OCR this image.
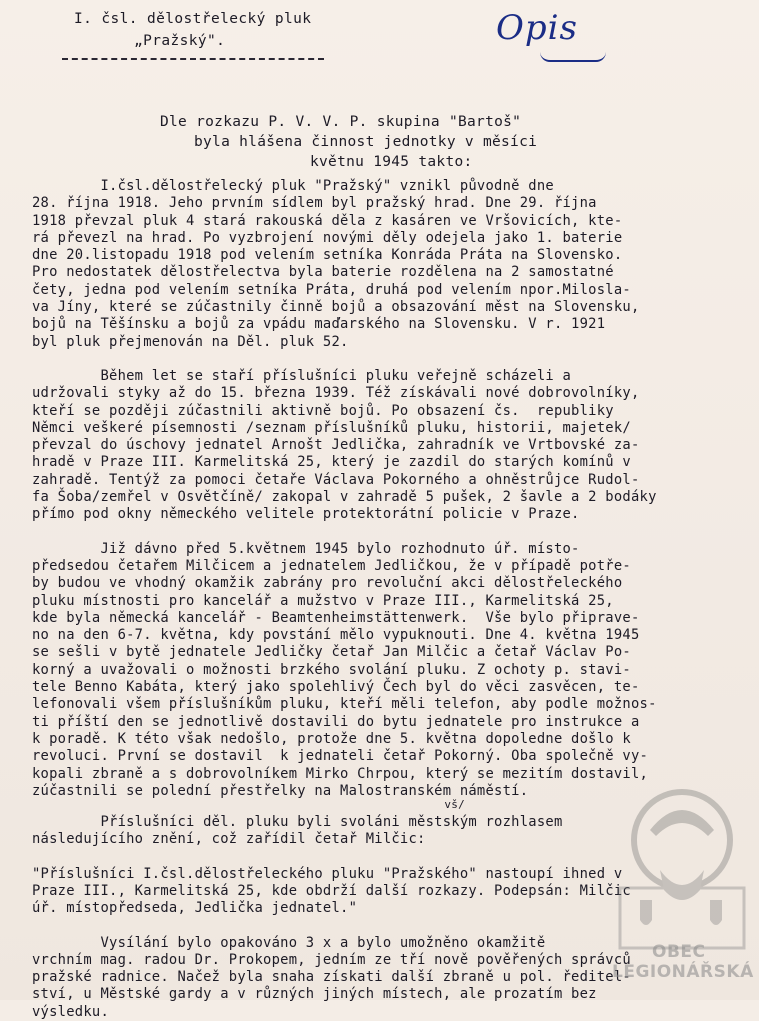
I. čsl. dělostřelecký pluk
„Pražský".	Opis
Dle rozkazu P. V. V. P. skupina "Bartoš"
byla hlášena činnost jednotky v měsíci
květnu 1945 takto:
I.čsl.dělostřelecký pluk "Pražský" vznikl původně dne
28. října 1918. Jeho prvním sídlem byl pražský hrad. Dne 29. října
1918 převzal pluk 4 stará rakouská děla z kasáren ve Vršovicích, kte-
rá převezl na hrad. Po vyzbrojení novými děly odejela jako 1. baterie
dne 20.listopadu 1918 pod velením setníka Konráda Práta na Slovensko.
Pro nedostatek dělostřelectva byla baterie rozdělena na 2 samostatné
čety, jedna pod velením setníka Práta, druhá pod velením npor.Milosla-
va Jíny, které se zúčastnily činně bojů a obsazování měst na Slovensku,
bojů na Těšínsku a bojů za vpádu maďarského na Slovensku. V r. 1921
byl pluk přejmenován na Děl. pluk 52.
Během let se staří příslušníci pluku veřejně scházeli a
udržovali styky až do 15. března 1939. Též získávali nové dobrovolníky,
kteří se později zúčastnili aktivně bojů. Po obsazení čs.  republiky
Němci veškeré písemnosti /seznam příslušníků pluku, historii, majetek/
převzal do úschovy jednatel Arnošt Jedlička, zahradník ve Vrtbovské za-
hradě v Praze III. Karmelitská 25, který je zazdil do starých komínů v
zahradě. Tentýž za pomoci četaře Václava Pokorného a ohněstrůjce Rudol-
fa Šoba/zemřel v Osvětčíně/ zakopal v zahradě 5 pušek, 2 šavle a 2 bodáky
přímo pod okny německého velitele protektorátní policie v Praze.
Již dávno před 5.květnem 1945 bylo rozhodnuto úř. místo-
předsedou četařem Milčicem a jednatelem Jedličkou, že v případě potře-
by budou ve vhodný okamžik zabrány pro revoluční akci dělostřeleckého
pluku místnosti pro kancelář a mužstvo v Praze III., Karmelitská 25,
kde byla německá kancelář - Beamtenheimstättenwerk.  Vše bylo připrave-
no na den 6-7. května, kdy povstání mělo vypuknouti. Dne 4. května 1945
se sešli v bytě jednatele Jedličky četař Jan Milčic a četař Václav Po-
korný a uvažovali o možnosti brzkého svolání pluku. Z ochoty p. stavi-
tele Benno Kabáta, který jako spolehlivý Čech byl do věci zasvěcen, te-
lefonovali všem příslušníkům pluku, kteří měli telefon, aby podle možnos-
ti příští den se jednotlivě dostavili do bytu jednatele pro instrukce a
k poradě. K této však nedošlo, protože dne 5. května dopoledne došlo k
revoluci. První se dostavil  k jednateli četař Pokorný. Oba společně vy-
kopali zbraně a s dobrovolníkem Mirko Chrpou, který se mezitím dostavil,
zúčastnili se polední přestřelky na Malostranském náměstí.
vš/
Příslušníci děl. pluku byli svoláni městským rozhlasem
následujícího znění, což zařídil četař Milčic:
"Příslušníci I.čsl.dělostřeleckého pluku "Pražského" nastoupí ihned v
Praze III., Karmelitská 25, kde obdrží další rozkazy. Podepsán: Milčic
úř. místopředseda, Jedlička jednatel."
Vysílání bylo opakováno 3 x a bylo umožněno okamžitě
vrchním mag. radou Dr. Prokopem, jedním ze tří nově pověřených správců
pražské radnice. Načež byla snaha získati další zbraně u pol. ředitel-
ství, u Městské gardy a v různých jiných místech, ale prozatím bez
výsledku.
OBEC
LEGIONÁŘSKÁ
